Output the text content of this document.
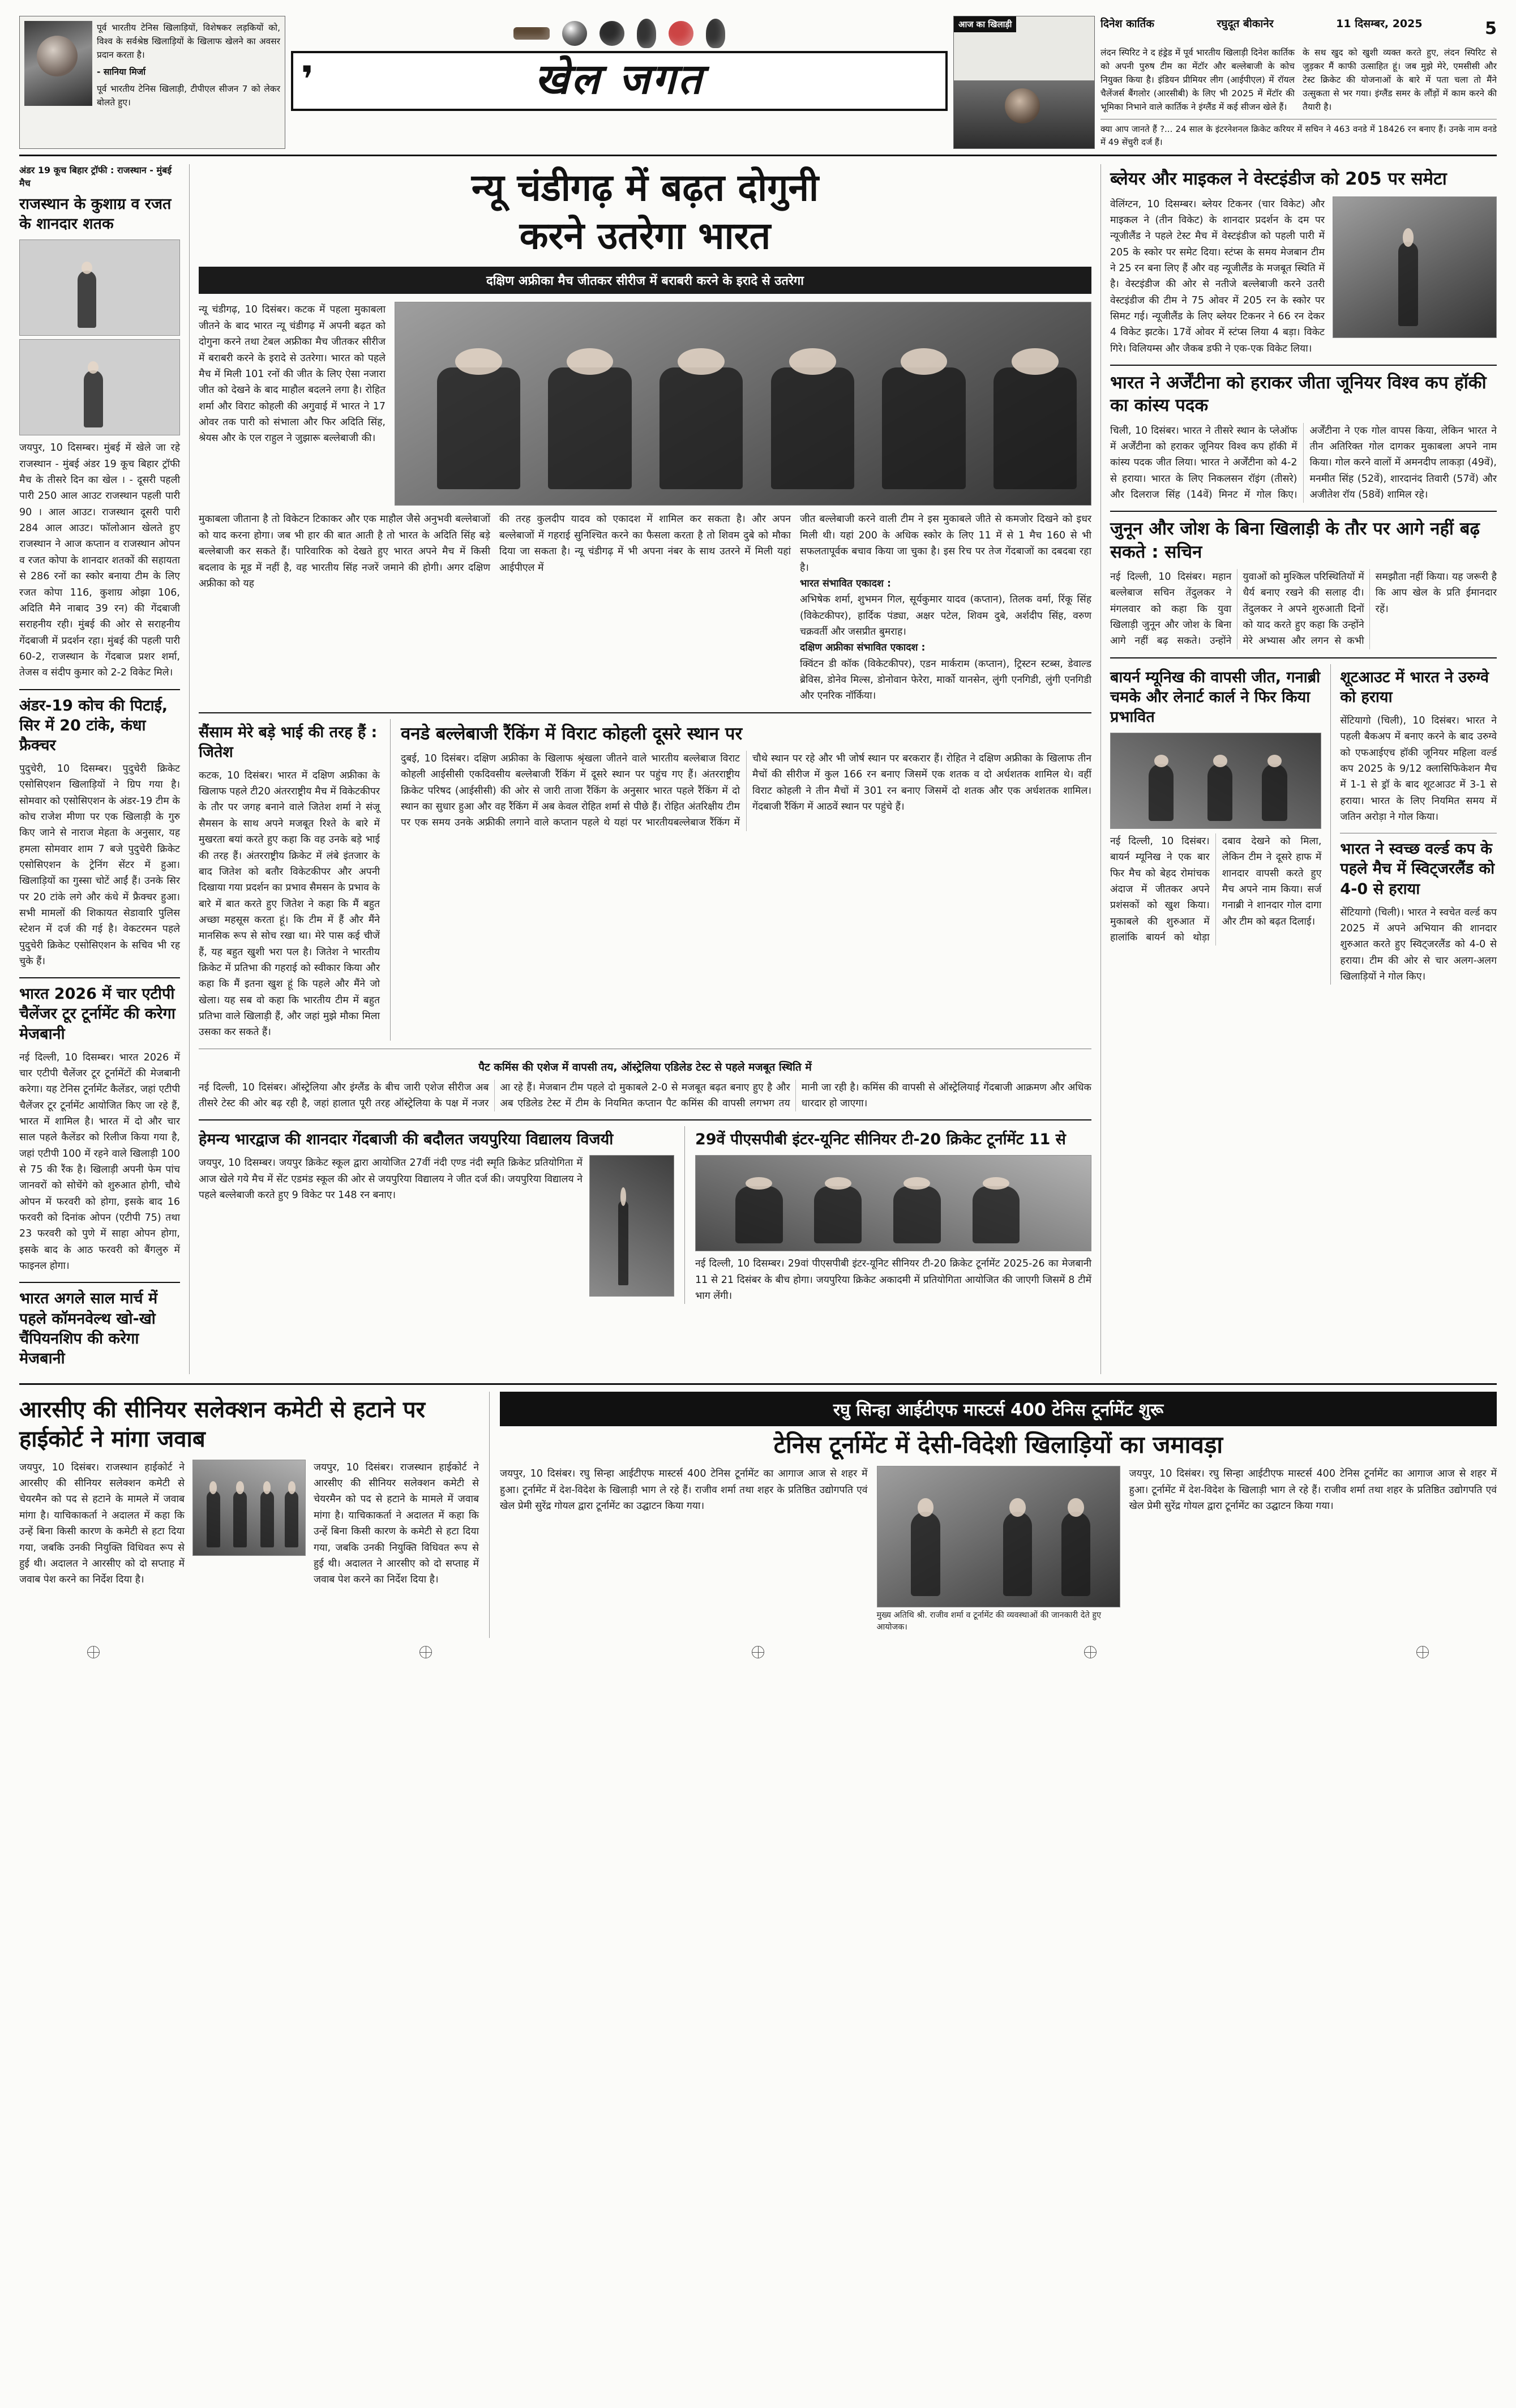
पूर्व भारतीय टेनिस खिलाड़ियों, विशेषकर लड़कियों को, विश्व के सर्वश्रेष्ठ खिलाड़ियों के खिलाफ खेलने का अवसर प्रदान करता है।
- सानिया मिर्जा
पूर्व भारतीय टेनिस खिलाड़ी, टीपीएल सीजन 7 को लेकर बोलते हुए।
❜	खेल जगत
आज का खिलाड़ी	दिनेश कार्तिक	रघुदूत बीकानेर	11 दिसम्बर, 2025	5
लंदन स्पिरिट ने द हंड्रेड में पूर्व भारतीय खिलाड़ी दिनेश कार्तिक को अपनी पुरुष टीम का मेंटॉर और बल्लेबाजी के कोच नियुक्त किया है। इंडियन प्रीमियर लीग (आईपीएल) में रॉयल चैलेंजर्स बैंगलोर (आरसीबी) के लिए भी 2025 में मेंटॉर की भूमिका निभाने वाले कार्तिक ने इंग्लैंड में कई सीजन खेले हैं।
के सथ खुद को खुशी व्यक्त करते हुए, लंदन स्पिरिट से जुड़कर मैं काफी उत्साहित हूं। जब मुझे मेरे, एमसीसी और टेस्ट क्रिकेट की योजनाओं के बारे में पता चला तो मैंने उत्सुकता से भर गया। इंग्लैंड समर के लौंड़ों में काम करने की तैयारी है।
क्या आप जानते हैं ?... 24 साल के इंटरनेशनल क्रिकेट करियर में सचिन ने 463 वनडे में 18426 रन बनाए हैं। उनके नाम वनडे में 49 सेंचुरी दर्ज हैं।
अंडर 19 कूच बिहार ट्रॉफी : राजस्थान - मुंबई मैच
राजस्थान के कुशाग्र व रजत के शानदार शतक
जयपुर, 10 दिसम्बर। मुंबई में खेले जा रहे राजस्थान - मुंबई अंडर 19 कूच बिहार ट्रॉफी मैच के तीसरे दिन का खेल । - दूसरी पहली पारी 250 आल आउट राजस्थान पहली पारी 90 । आल आउट। राजस्थान दूसरी पारी 284 आल आउट। फॉलोआन खेलते हुए राजस्थान ने आज कप्तान व राजस्थान ओपन व रजत कोपा के शानदार शतकों की सहायता से 286 रनों का स्कोर बनाया टीम के लिए रजत कोपा 116, कुशाग्र ओझा 106, अदिति मैने नाबाद 39 रन) की गेंदबाजी सराहनीय रही। मुंबई की ओर से सराहनीय गेंदबाजी में प्रदर्शन रहा। मुंबई की पहली पारी 60-2, राजस्थान के गेंदबाज प्रशर शर्मा, तेजस व संदीप कुमार को 2-2 विकेट मिले।
अंडर-19 कोच की पिटाई, सिर में 20 टांके, कंधा फ्रैक्चर
पुदुचेरी, 10 दिसम्बर। पुदुचेरी क्रिकेट एसोसिएशन खिलाड़ियों ने ग्रिप गया है। सोमवार को एसोसिएशन के अंडर-19 टीम के कोच राजेश मीणा पर एक खिलाड़ी के गुरु किए जाने से नाराज मेहता के अनुसार, यह हमला सोमवार शाम 7 बजे पुदुचेरी क्रिकेट एसोसिएशन के ट्रेनिंग सेंटर में हुआ। खिलाड़ियों का गुस्सा चोटें आईं हैं। उनके सिर पर 20 टांके लगे और कंधे में फ्रैक्चर हुआ। सभी मामलों की शिकायत सेडावारि पुलिस स्टेशन में दर्ज की गई है। वेकटरमन पहले पुदुचेरी क्रिकेट एसोसिएशन के सचिव भी रह चुके हैं।
भारत 2026 में चार एटीपी चैलेंजर टूर टूर्नामेंट की करेगा मेजबानी
नई दिल्ली, 10 दिसम्बर। भारत 2026 में चार एटीपी चैलेंजर टूर टूर्नामेंटों की मेजबानी करेगा। यह टेनिस टूर्नामेंट कैलेंडर, जहां एटीपी चैलेंजर टूर टूर्नामेंट आयोजित किए जा रहे हैं, भारत में शामिल है। भारत में दो और चार साल पहले कैलेंडर को रिलीज किया गया है, जहां एटीपी 100 में रहने वाले खिलाड़ी 100 से 75 की रैंक है। खिलाड़ी अपनी फेम पांच जानवरों को सोचेंगे को शुरुआत होगी, चौथे ओपन में फरवरी को होगा, इसके बाद 16 फरवरी को दिनांक ओपन (एटीपी 75) तथा 23 फरवरी को पुणे में साहा ओपन होगा, इसके बाद के आठ फरवरी को बैंगलुरु में फाइनल होगा।
भारत अगले साल मार्च में पहले कॉमनवेल्थ खो-खो चैंपियनशिप की करेगा मेजबानी
न्यू चंडीगढ़ में बढ़त दोगुनी
करने उतरेगा भारत
दक्षिण अफ्रीका मैच जीतकर सीरीज में बराबरी करने के इरादे से उतरेगा
न्यू चंडीगढ़, 10 दिसंबर। कटक में पहला मुकाबला जीतने के बाद भारत न्यू चंडीगढ़ में अपनी बढ़त को दोगुना करने तथा टेबल अफ्रीका मैच जीतकर सीरीज में बराबरी करने के इरादे से उतरेगा। भारत को पहले मैच में मिली 101 रनों की जीत के लिए ऐसा नजारा जीत को देखने के बाद माहौल बदलने लगा है। रोहित शर्मा और विराट कोहली की अगुवाई में भारत ने 17 ओवर तक पारी को संभाला और फिर अदिति सिंह, श्रेयस और के एल राहुल ने जुझारू बल्लेबाजी की।
मुकाबला जीताना है तो विकेटन टिकाकर और एक माहौल जैसे अनुभवी बल्लेबाजों को याद करना होगा। जब भी हार की बात आती है तो भारत के अदिति सिंह बड़े बल्लेबाजी कर सकते हैं। पारिवारिक को देखते हुए भारत अपने मैच में किसी बदलाव के मूड में नहीं है, वह भारतीय सिंह नजरें जमाने की होगी। अगर दक्षिण अफ्रीका को यह
की तरह कुलदीप यादव को एकादश में शामिल कर सकता है। और अपन बल्लेबाजों में गहराई सुनिश्चित करने का फैसला करता है तो शिवम दुबे को मौका दिया जा सकता है। न्यू चंडीगढ़ में भी अपना नंबर के साथ उतरने में मिली यहां आईपीएल में
जीत बल्लेबाजी करने वाली टीम ने इस मुकाबले जीते से कमजोर दिखने को इधर मिली थी। यहां 200 के अधिक स्कोर के लिए 11 में से 1 मैच 160 से भी सफलतापूर्वक बचाव किया जा चुका है। इस रिच पर तेज गेंदबाजों का दबदबा रहा है।
भारत संभावित एकादश :
अभिषेक शर्मा, शुभमन गिल, सूर्यकुमार यादव (कप्तान), तिलक वर्मा, रिंकू सिंह (विकेटकीपर), हार्दिक पंड्या, अक्षर पटेल, शिवम दुबे, अर्शदीप सिंह, वरुण चक्रवर्ती और जसप्रीत बुमराह।
दक्षिण अफ्रीका संभावित एकादश :
क्विंटन डी कॉक (विकेटकीपर), एडन मार्कराम (कप्तान), ट्रिस्टन स्टब्स, डेवाल्ड ब्रेविस, डोनेव मिल्स, डोनोवान फेरेरा, मार्को यानसेन, लुंगी एनगिडी, लुंगी एनगिडी और एनरिक नॉर्किया।
सैंसाम मेरे बड़े भाई की तरह हैं : जितेश
कटक, 10 दिसंबर। भारत में दक्षिण अफ्रीका के खिलाफ पहले टी20 अंतरराष्ट्रीय मैच में विकेटकीपर के तौर पर जगह बनाने वाले जितेश शर्मा ने संजू सैमसन के साथ अपने मजबूत रिश्ते के बारे में मुखरता बयां करते हुए कहा कि वह उनके बड़े भाई की तरह हैं। अंतरराष्ट्रीय क्रिकेट में लंबे इंतजार के बाद जितेश को बतौर विकेटकीपर और अपनी दिखाया गया प्रदर्शन का प्रभाव सैमसन के प्रभाव के बारे में बात करते हुए जितेश ने कहा कि मैं बहुत अच्छा महसूस करता हूं। कि टीम में हैं और मैंने मानसिक रूप से सोच रखा था। मेरे पास कई चीजें हैं, यह बहुत खुशी भरा पल है। जितेश ने भारतीय क्रिकेट में प्रतिभा की गहराई को स्वीकार किया और कहा कि मैं इतना खुश हूं कि पहले और मैंने जो खेला। यह सब वो कहा कि भारतीय टीम में बहुत प्रतिभा वाले खिलाड़ी हैं, और जहां मुझे मौका मिला उसका कर सकते हैं।
वनडे बल्लेबाजी रैंकिंग में विराट कोहली दूसरे स्थान पर
दुबई, 10 दिसंबर। दक्षिण अफ्रीका के खिलाफ श्रृंखला जीतने वाले भारतीय बल्लेबाज विराट कोहली आईसीसी एकदिवसीय बल्लेबाजी रैंकिंग में दूसरे स्थान पर पहुंच गए हैं। अंतरराष्ट्रीय क्रिकेट परिषद (आईसीसी) की ओर से जारी ताजा रैंकिंग के अनुसार भारत पहले रैंकिंग में दो स्थान का सुधार हुआ और वह रैंकिंग में अब केवल रोहित शर्मा से पीछे हैं। रोहित अंतरिक्षीय टीम पर एक समय उनके अफ्रीकी लगाने वाले कप्तान पहले थे यहां पर भारतीयबल्लेबाज रैंकिंग में चौथे स्थान पर रहे और भी जोर्ष स्थान पर बरकरार हैं। रोहित ने दक्षिण अफ्रीका के खिलाफ तीन मैचों की सीरीज में कुल 166 रन बनाए जिसमें एक शतक व दो अर्धशतक शामिल थे। वहीं विराट कोहली ने तीन मैचों में 301 रन बनाए जिसमें दो शतक और एक अर्धशतक शामिल। गेंदबाजी रैंकिंग में आठवें स्थान पर पहुंचे हैं।
पैट कमिंस की एशेज में वापसी तय, ऑस्ट्रेलिया एडिलेड टेस्ट से पहले मजबूत स्थिति में
नई दिल्ली, 10 दिसंबर। ऑस्ट्रेलिया और इंग्लैंड के बीच जारी एशेज सीरीज अब तीसरे टेस्ट की ओर बढ़ रही है, जहां हालात पूरी तरह ऑस्ट्रेलिया के पक्ष में नजर आ रहे हैं। मेजबान टीम पहले दो मुकाबले 2-0 से मजबूत बढ़त बनाए हुए है और अब एडिलेड टेस्ट में टीम के नियमित कप्तान पैट कमिंस की वापसी लगभग तय मानी जा रही है। कमिंस की वापसी से ऑस्ट्रेलियाई गेंदबाजी आक्रमण और अधिक धारदार हो जाएगा।
हेमन्य भारद्वाज की शानदार गेंदबाजी की बदौलत जयपुरिया विद्यालय विजयी
जयपुर, 10 दिसम्बर। जयपुर क्रिकेट स्कूल द्वारा आयोजित 27वीं नंदी एण्ड नंदी स्मृति क्रिकेट प्रतियोगिता में आज खेले गये मैच में सेंट एडमंड स्कूल की ओर से जयपुरिया विद्यालय ने जीत दर्ज की। जयपुरिया विद्यालय ने पहले बल्लेबाजी करते हुए 9 विकेट पर 148 रन बनाए।
29वें पीएसपीबी इंटर-यूनिट सीनियर टी-20 क्रिकेट टूर्नामेंट 11 से
नई दिल्ली, 10 दिसम्बर। 29वां पीएसपीबी इंटर-यूनिट सीनियर टी-20 क्रिकेट टूर्नामेंट 2025-26 का मेजबानी 11 से 21 दिसंबर के बीच होगा। जयपुरिया क्रिकेट अकादमी में प्रतियोगिता आयोजित की जाएगी जिसमें 8 टीमें भाग लेंगी।
ब्लेयर और माइकल ने वेस्टइंडीज को 205 पर समेटा
वेलिंग्टन, 10 दिसम्बर। ब्लेयर टिकनर (चार विकेट) और माइकल ने (तीन विकेट) के शानदार प्रदर्शन के दम पर न्यूजीलैंड ने पहले टेस्ट मैच में वेस्टइंडीज को पहली पारी में 205 के स्कोर पर समेट दिया। स्टंप्स के समय मेजबान टीम ने 25 रन बना लिए हैं और वह न्यूजीलैंड के मजबूत स्थिति में है। वेस्टइंडीज की ओर से नतीजे बल्लेबाजी करने उतरी वेस्टइंडीज की टीम ने 75 ओवर में 205 रन के स्कोर पर सिमट गई। न्यूजीलैंड के लिए ब्लेयर टिकनर ने 66 रन देकर 4 विकेट झटके। 17वें ओवर में स्टंप्स लिया 4 बड़ा। विकेट गिरे। विलियम्स और जैकब डफी ने एक-एक विकेट लिया।
भारत ने अर्जेंटीना को हराकर जीता जूनियर विश्व कप हॉकी का कांस्य पदक
चिली, 10 दिसंबर। भारत ने तीसरे स्थान के प्लेऑफ में अर्जेंटीना को हराकर जूनियर विश्व कप हॉकी में कांस्य पदक जीत लिया। भारत ने अर्जेंटीना को 4-2 से हराया। भारत के लिए निकलसन रॉइंग (तीसरे) और दिलराज सिंह (14वें) मिनट में गोल किए। अर्जेंटीना ने एक गोल वापस किया, लेकिन भारत ने तीन अतिरिक्त गोल दागकर मुकाबला अपने नाम किया। गोल करने वालों में अमनदीप लाकड़ा (49वें), मनमीत सिंह (52वें), शारदानंद तिवारी (57वें) और अजीतेश रॉय (58वें) शामिल रहे।
जुनून और जोश के बिना खिलाड़ी के तौर पर आगे नहीं बढ़ सकते : सचिन
नई दिल्ली, 10 दिसंबर। महान बल्लेबाज सचिन तेंदुलकर ने मंगलवार को कहा कि युवा खिलाड़ी जुनून और जोश के बिना आगे नहीं बढ़ सकते। उन्होंने युवाओं को मुश्किल परिस्थितियों में धैर्य बनाए रखने की सलाह दी। तेंदुलकर ने अपने शुरुआती दिनों को याद करते हुए कहा कि उन्होंने मेरे अभ्यास और लगन से कभी समझौता नहीं किया। यह जरूरी है कि आप खेल के प्रति ईमानदार रहें।
बायर्न म्यूनिख की वापसी जीत, गनाब्री चमके और लेनार्ट कार्ल ने फिर किया प्रभावित
नई दिल्ली, 10 दिसंबर। बायर्न म्यूनिख ने एक बार फिर मैच को बेहद रोमांचक अंदाज में जीतकर अपने प्रशंसकों को खुश किया। मुकाबले की शुरुआत में हालांकि बायर्न को थोड़ा दबाव देखने को मिला, लेकिन टीम ने दूसरे हाफ में शानदार वापसी करते हुए मैच अपने नाम किया। सर्ज गनाब्री ने शानदार गोल दागा और टीम को बढ़त दिलाई।
शूटआउट में भारत ने उरुग्वे को हराया
सेंटियागो (चिली), 10 दिसंबर। भारत ने पहली बैकअप में बनाए करने के बाद उरुग्वे को एफआईएच हॉकी जूनियर महिला वर्ल्ड कप 2025 के 9/12 क्लासिफिकेशन मैच में 1-1 से ड्रॉ के बाद शूटआउट में 3-1 से हराया। भारत के लिए नियमित समय में जतिन अरोड़ा ने गोल किया।
भारत ने स्वच्छ वर्ल्ड कप के पहले मैच में स्विट्जरलैंड को 4-0 से हराया
सेंटियागो (चिली)। भारत ने स्वचेत वर्ल्ड कप 2025 में अपने अभियान की शानदार शुरुआत करते हुए स्विट्जरलैंड को 4-0 से हराया। टीम की ओर से चार अलग-अलग खिलाड़ियों ने गोल किए।
आरसीए की सीनियर सलेक्शन कमेटी से हटाने पर हाईकोर्ट ने मांगा जवाब
जयपुर, 10 दिसंबर। राजस्थान हाईकोर्ट ने आरसीए की सीनियर सलेक्शन कमेटी से चेयरमैन को पद से हटाने के मामले में जवाब मांगा है। याचिकाकर्ता ने अदालत में कहा कि उन्हें बिना किसी कारण के कमेटी से हटा दिया गया, जबकि उनकी नियुक्ति विधिवत रूप से हुई थी। अदालत ने आरसीए को दो सप्ताह में जवाब पेश करने का निर्देश दिया है।
जयपुर, 10 दिसंबर। राजस्थान हाईकोर्ट ने आरसीए की सीनियर सलेक्शन कमेटी से चेयरमैन को पद से हटाने के मामले में जवाब मांगा है। याचिकाकर्ता ने अदालत में कहा कि उन्हें बिना किसी कारण के कमेटी से हटा दिया गया, जबकि उनकी नियुक्ति विधिवत रूप से हुई थी। अदालत ने आरसीए को दो सप्ताह में जवाब पेश करने का निर्देश दिया है।
रघु सिन्हा आईटीएफ मास्टर्स 400 टेनिस टूर्नामेंट शुरू
टेनिस टूर्नामेंट में देसी-विदेशी खिलाड़ियों का जमावड़ा
जयपुर, 10 दिसंबर। रघु सिन्हा आईटीएफ मास्टर्स 400 टेनिस टूर्नामेंट का आगाज आज से शहर में हुआ। टूर्नामेंट में देश-विदेश के खिलाड़ी भाग ले रहे हैं। राजीव शर्मा तथा शहर के प्रतिष्ठित उद्योगपति एवं खेल प्रेमी सुरेंद्र गोयल द्वारा टूर्नामेंट का उद्घाटन किया गया।
मुख्य अतिथि श्री. राजीव शर्मा व टूर्नामेंट की व्यवस्थाओं की जानकारी देते हुए आयोजक।
जयपुर, 10 दिसंबर। रघु सिन्हा आईटीएफ मास्टर्स 400 टेनिस टूर्नामेंट का आगाज आज से शहर में हुआ। टूर्नामेंट में देश-विदेश के खिलाड़ी भाग ले रहे हैं। राजीव शर्मा तथा शहर के प्रतिष्ठित उद्योगपति एवं खेल प्रेमी सुरेंद्र गोयल द्वारा टूर्नामेंट का उद्घाटन किया गया।
